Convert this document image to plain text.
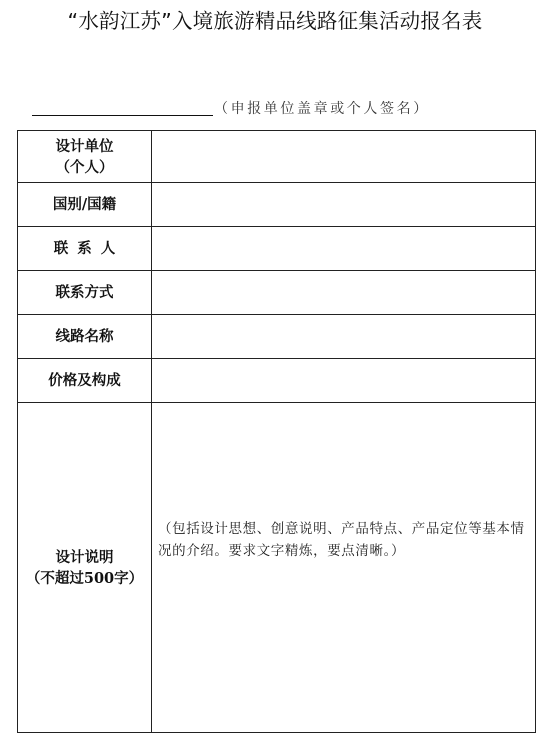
“水韵江苏”入境旅游精品线路征集活动报名表
（申报单位盖章或个人签名）
设计单位
（个人）	

国别/国籍	
联系人	
联系方式	
线路名称	
价格及构成	

设计说明
（不超过500字）	（包括设计思想、创意说明、产品特点、产品定位等基本情况的介绍。要求文字精炼，要点清晰。）
